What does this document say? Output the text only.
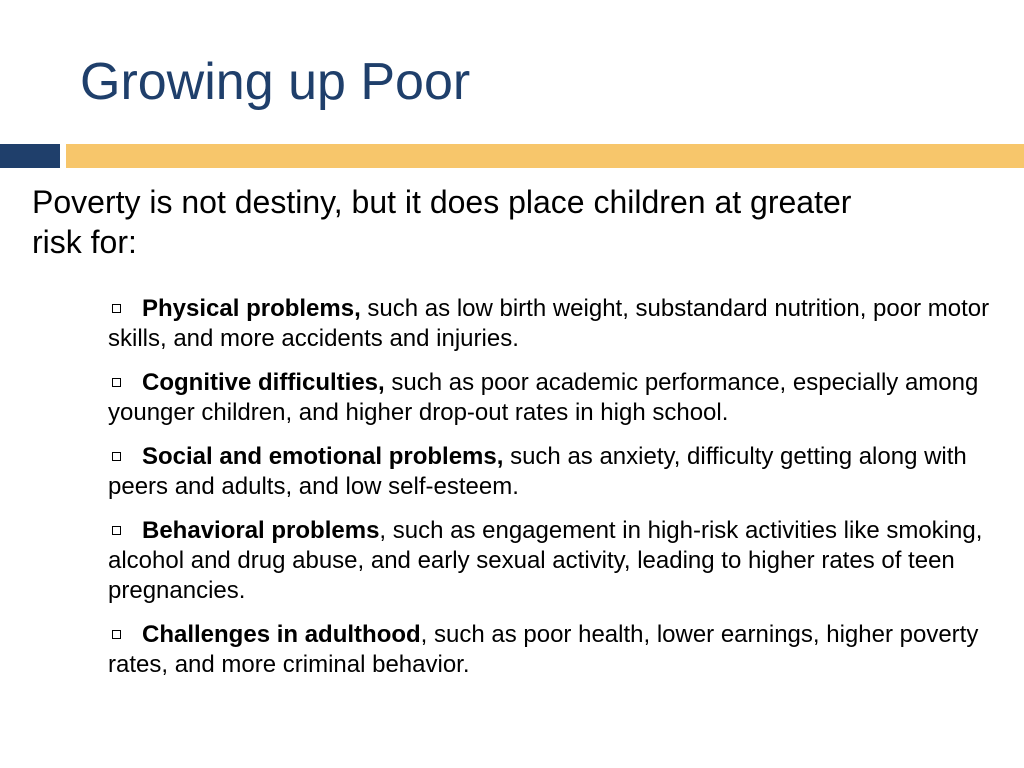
Growing up Poor
Poverty is not destiny, but it does place children at greater risk for:
Physical problems, such as low birth weight, substandard nutrition, poor motor skills, and more accidents and injuries.
Cognitive difficulties, such as poor academic performance, especially among younger children, and higher drop-out rates in high school.
Social and emotional problems, such as anxiety, difficulty getting along with peers and adults, and low self-esteem.
Behavioral problems, such as engagement in high-risk activities like smoking, alcohol and drug abuse, and early sexual activity, leading to higher rates of teen pregnancies.
Challenges in adulthood, such as poor health, lower earnings, higher poverty rates, and more criminal behavior.
